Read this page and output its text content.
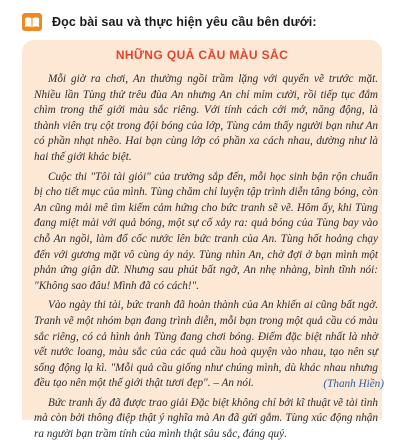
Đọc bài sau và thực hiện yêu cầu bên dưới:
NHỮNG QUẢ CẦU MÀU SẮC

Mỗi giờ ra chơi, An thường ngồi trầm lặng với quyển vẽ trước mặt. Nhiều lần Tùng thử trêu đùa An nhưng An chỉ mỉm cười, rồi tiếp tục đắm chìm trong thế giới màu sắc riêng. Với tính cách cởi mở, năng động, là thành viên trụ cột trong đội bóng của lớp, Tùng cảm thấy người bạn như An có phần nhạt nhẽo. Hai bạn cùng lớp có phần xa cách nhau, dường như là hai thế giới khác biệt.

Cuộc thi "Tôi tài giỏi" của trường sắp đến, mỗi học sinh bận rộn chuẩn bị cho tiết mục của mình. Tùng chăm chỉ luyện tập trình diễn tâng bóng, còn An cũng mải mê tìm kiếm cảm hứng cho bức tranh sẽ vẽ. Hôm ấy, khi Tùng đang miệt mài với quả bóng, một sự cố xảy ra: quả bóng của Tùng bay vào chỗ An ngồi, làm đổ cốc nước lên bức tranh của An. Tùng hốt hoảng chạy đến với gương mặt vô cùng áy náy. Tùng nhìn An, chờ đợi ở bạn mình một phản ứng giận dữ. Nhưng sau phút bất ngờ, An nhẹ nhàng, bình tĩnh nói: "Không sao đâu! Mình đã có cách!".

Vào ngày thi tài, bức tranh đã hoàn thành của An khiến ai cũng bất ngờ. Tranh vẽ một nhóm bạn đang trình diễn, mỗi bạn trong một quả cầu có màu sắc riêng, có cả hình ảnh Tùng đang chơi bóng. Điểm đặc biệt nhất là nhờ vết nước loang, màu sắc của các quả cầu hoà quyện vào nhau, tạo nên sự sống động lạ kì. "Mỗi quả cầu giống như chúng mình, dù khác nhau nhưng đều tạo nên một thế giới thật tươi đẹp". – An nói.

Bức tranh ấy đã được trao giải Đặc biệt không chỉ bởi kĩ thuật vẽ tài tình mà còn bởi thông điệp thật ý nghĩa mà An đã gửi gắm. Tùng xúc động nhận ra người bạn trầm tính của mình thật sâu sắc, đáng quý.

(Thanh Hiền)
